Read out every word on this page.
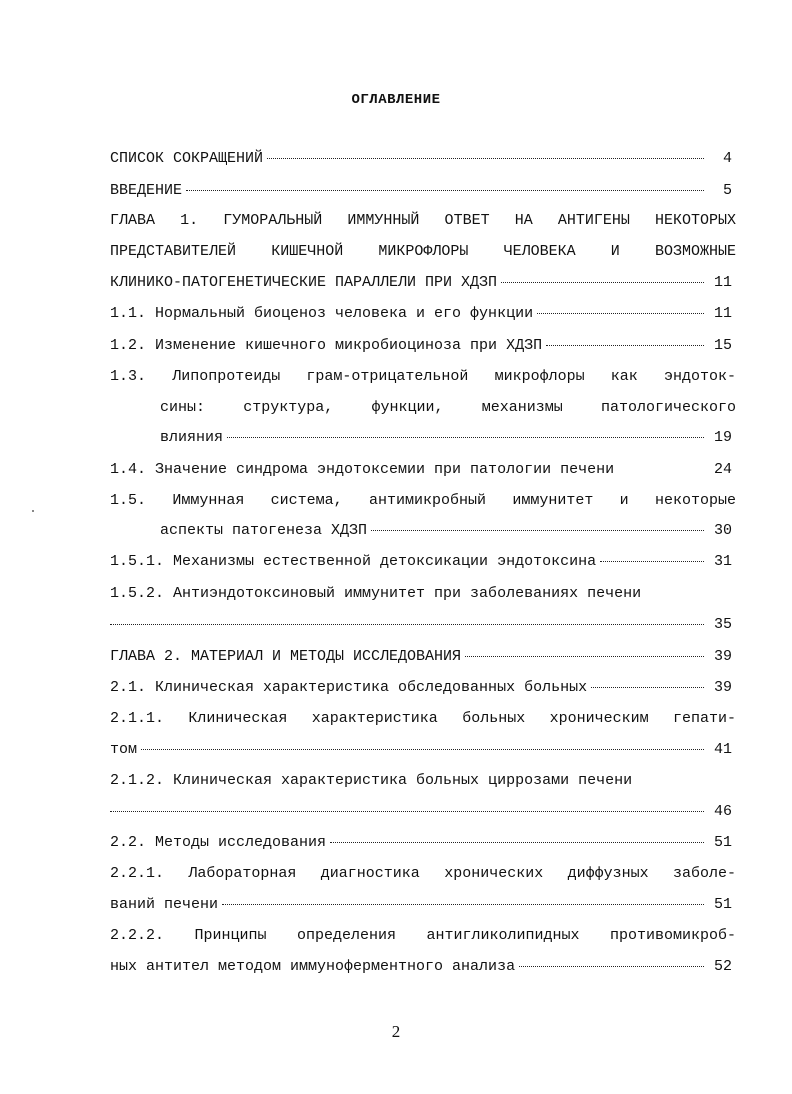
ОГЛАВЛЕНИЕ
СПИСОК СОКРАЩЕНИЙ	4
ВВЕДЕНИЕ	5
ГЛАВА 1. ГУМОРАЛЬНЫЙ ИММУННЫЙ ОТВЕТ НА АНТИГЕНЫ НЕКОТОРЫХ
ПРЕДСТАВИТЕЛЕЙ КИШЕЧНОЙ МИКРОФЛОРЫ ЧЕЛОВЕКА И ВОЗМОЖНЫЕ
КЛИНИКО-ПАТОГЕНЕТИЧЕСКИЕ ПАРАЛЛЕЛИ ПРИ ХДЗП	11
1.1. Нормальный биоценоз человека и его функции	11
1.2. Изменение кишечного микробиоциноза при ХДЗП	15
1.3. Липопротеиды грам-отрицательной микрофлоры как эндоток-
сины: структура, функции, механизмы патологического
влияния	19
1.4. Значение синдрома эндотоксемии при патологии печени	24
1.5. Иммунная система, антимикробный иммунитет и некоторые
аспекты патогенеза ХДЗП	30
1.5.1. Механизмы естественной детоксикации эндотоксина	31
1.5.2. Антиэндотоксиновый иммунитет при заболеваниях печени
35
ГЛАВА 2. МАТЕРИАЛ И МЕТОДЫ ИССЛЕДОВАНИЯ	39
2.1. Клиническая характеристика обследованных больных	39
2.1.1. Клиническая характеристика больных хроническим гепати-
том	41
2.1.2. Клиническая характеристика больных циррозами печени
46
2.2. Методы исследования	51
2.2.1. Лабораторная диагностика хронических диффузных заболе-
ваний печени	51
2.2.2. Принципы определения антигликолипидных противомикроб-
ных антител методом иммуноферментного анализа	52
2
